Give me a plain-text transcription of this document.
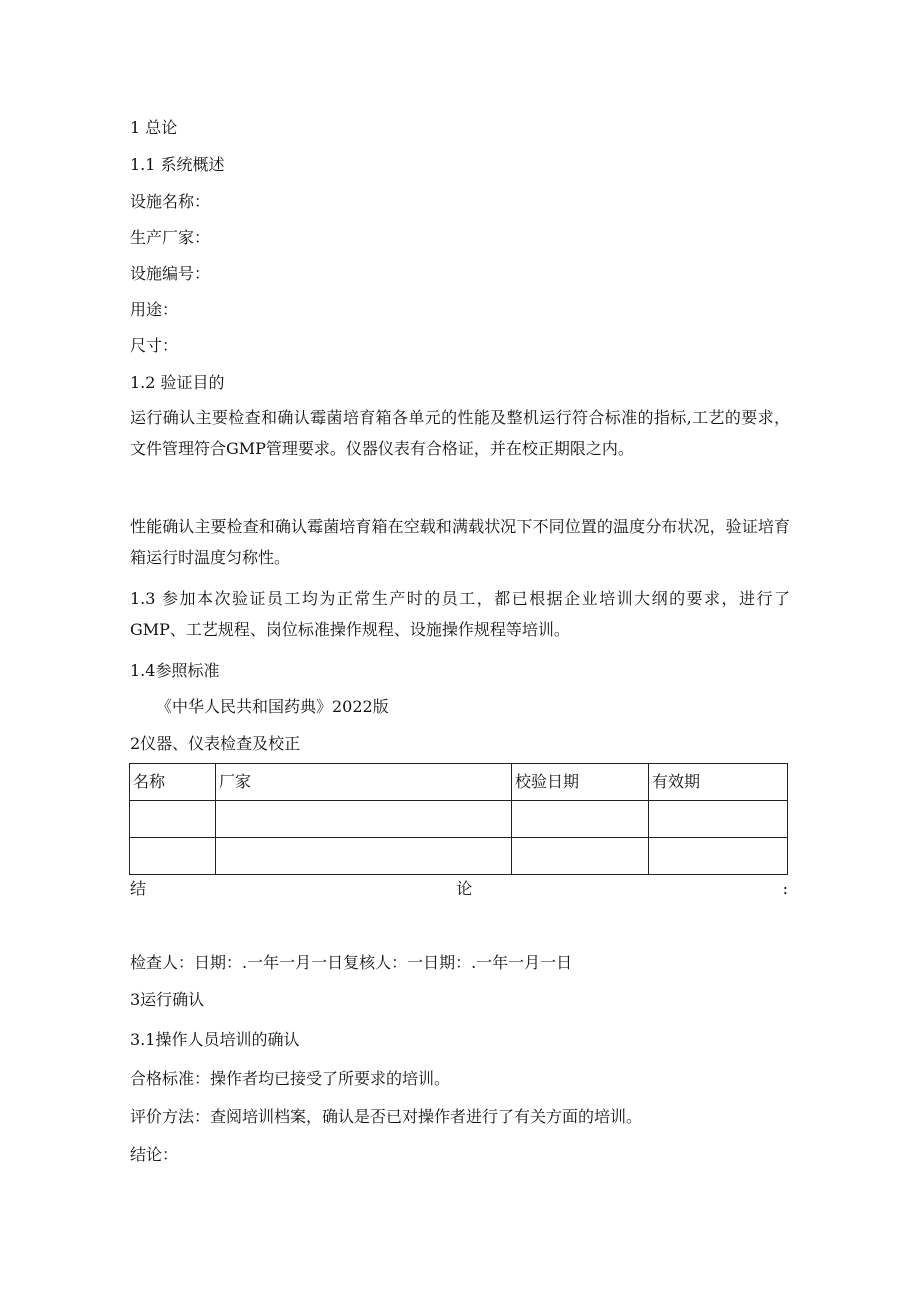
1 总论

1.1 系统概述

设施名称：

生产厂家：

设施编号：

用途：

尺寸：

1.2 验证目的

运行确认主要检查和确认霉菌培育箱各单元的性能及整机运行符合标准的指标,工艺的要求，文件管理符合GMP管理要求。仪器仪表有合格证，并在校正期限之内。

性能确认主要检查和确认霉菌培育箱在空载和满载状况下不同位置的温度分布状况，验证培育箱运行时温度匀称性。

1.3 参加本次验证员工均为正常生产时的员工，都已根据企业培训大纲的要求，进行了GMP、工艺规程、岗位标准操作规程、设施操作规程等培训。

1.4参照标准

《中华人民共和国药典》2022版

2仪器、仪表检查及校正

名称	厂家	校验日期	有效期

结	论	:

检查人：日期：.一年一月一日复核人：一日期：.一年一月一日

3运行确认

3.1操作人员培训的确认

合格标准：操作者均已接受了所要求的培训。

评价方法：查阅培训档案，确认是否已对操作者进行了有关方面的培训。

结论：
